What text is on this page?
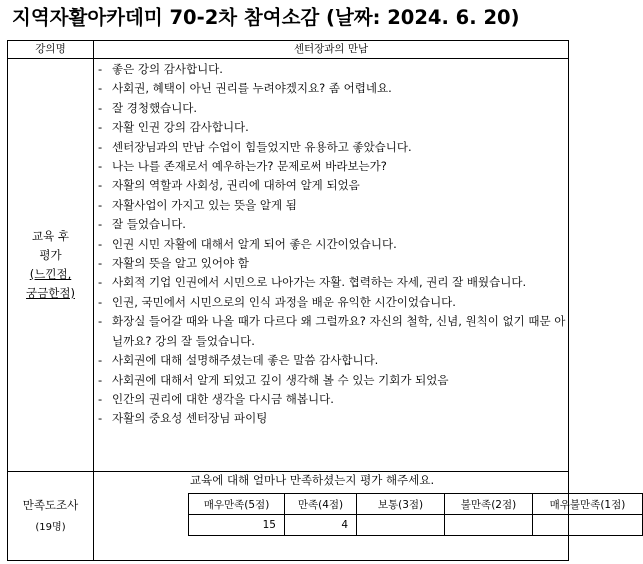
지역자활아카데미 70-2차 참여소감 (날짜: 2024. 6. 20)
강의명	센터장과의 만남

교육 후
평가
(느낀점,
궁금한점)

- 좋은 강의 감사합니다.
- 사회권, 혜택이 아닌 권리를 누려야겠지요? 좀 어렵네요.
- 잘 경청했습니다.
- 자활 인권 강의 감사합니다.
- 센터장님과의 만남 수업이 힘들었지만 유용하고 좋았습니다.
- 나는 나를 존재로서 예우하는가? 문제로써 바라보는가?
- 자활의 역할과 사회성, 권리에 대하여 알게 되었음
- 자활사업이 가지고 있는 뜻을 알게 됨
- 잘 들었습니다.
- 인권 시민 자활에 대해서 알게 되어 좋은 시간이었습니다.
- 자활의 뜻을 알고 있어야 함
- 사회적 기업 인권에서 시민으로 나아가는 자활. 협력하는 자세, 권리 잘 배웠습니다.
- 인권, 국민에서 시민으로의 인식 과정을 배운 유익한 시간이었습니다.
- 화장실 들어갈 때와 나올 때가 다르다 왜 그럴까요? 자신의 철학, 신념, 원칙이 없기 때문 아닐까요? 강의 잘 들었습니다.
- 사회권에 대해 설명해주셨는데 좋은 말씀 감사합니다.
- 사회권에 대해서 알게 되었고 깊이 생각해 볼 수 있는 기회가 되었음
- 인간의 권리에 대한 생각을 다시금 해봅니다.
- 자활의 중요성 센터장님 파이팅

만족도조사
(19명)

교육에 대해 얼마나 만족하셨는지 평가 해주세요.
매우만족(5점)	만족(4점)	보통(3점)	불만족(2점)	매우불만족(1점)
15	4			
